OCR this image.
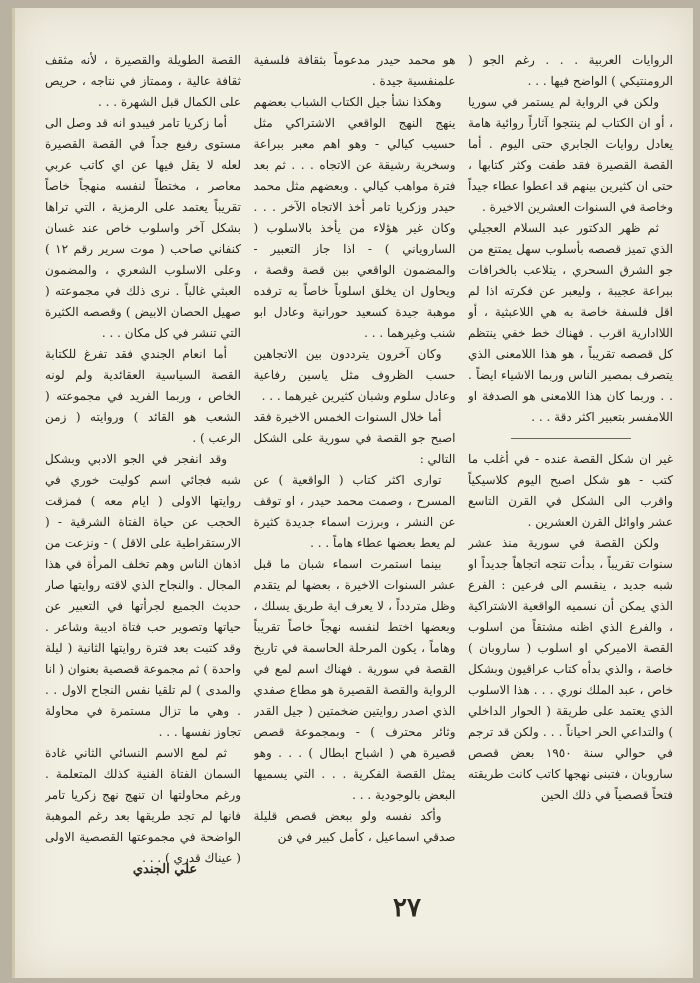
الروايات العربية . . . رغم الجو ( الرومنتيكي ) الواضح فيها . . .

ولكن في الرواية لم يستمر في سوريا ، أو ان الكتاب لم ينتجوا آثاراً روائية هامة يعادل روايات الجابري حتى اليوم . أما القصة القصيرة فقد طفت وكثر كتابها ، حتى ان كثيرين بينهم قد اعطوا عطاء جيداً وخاصة في السنوات العشرين الاخيرة .

ثم ظهر الدكتور عبد السلام العجيلي الذي تميز قصصه بأسلوب سهل يمتنع من جو الشرق السحري ، يتلاعب بالخرافات ببراعة عجيبة ، وليعبر عن فكرته اذا لم اقل فلسفة خاصة به هي اللاعبثية ، أو اللاادارية اقرب . فهناك خط خفي ينتظم كل قصصه تقريباً ، هو هذا اللامعنى الذي يتصرف بمصير الناس وربما الاشياء ايضاً . . . وربما كان هذا اللامعنى هو الصدفة او اللامفسر بتعبير اكثر دقة . . .

غير ان شكل القصة عنده - في أغلب ما كتب - هو شكل اصبح اليوم كلاسيكياً واقرب الى الشكل في القرن التاسع عشر واوائل القرن العشرين .

ولكن القصة في سورية منذ عشر سنوات تقريباً ، بدأت تتجه اتجاهاً جديداً او شبه جديد ، ينقسم الى فرعين : الفرع الذي يمكن أن نسميه الواقعية الاشتراكية ، والفرع الذي اظنه مشتقاً من اسلوب القصة الاميركي او اسلوب ( ساروبان ) خاصة ، والذي بدأه كتاب عراقيون وبشكل خاص ، عبد الملك نوري . . . هذا الاسلوب الذي يعتمد على طريقة ( الحوار الداخلي ) والتداعي الحر احياناً . . . ولكن قد ترجم في حوالي سنة ١٩٥٠ بعض قصص ساروبان ، فتبنى نهجها كاتب كانت طريقته فتحاً قصصياً في ذلك الحين

هو محمد حيدر مدعوماً بثقافة فلسفية علمنفسية جيدة .

وهكذا نشأ جيل الكتاب الشباب بعضهم ينهج النهج الواقعي الاشتراكي مثل حسيب كيالي - وهو اهم معبر ببراعة وسخرية رشيقة عن الاتجاه . . . ثم بعد فترة مواهب كيالي . وبعضهم مثل محمد حيدر وزكريا تامر أخذ الاتجاه الآخر . . . وكان غير هؤلاء من يأخذ بالاسلوب ( الساروياني ) - اذا جاز التعبير - والمضمون الواقعي بين قصة وقصة ، ويحاول ان يخلق اسلوباً خاصاً به ترفده موهبة جيدة كسعيد حورانية وعادل ابو شنب وغيرهما . . .

وكان آخرون يترددون بين الاتجاهين حسب الظروف مثل ياسين رفاعية وعادل سلوم وشبان كثيرين غيرهما . . .

أما خلال السنوات الخمس الاخيرة فقد اصبح جو القصة في سورية على الشكل التالي :

توارى اكثر كتاب ( الواقعية ) عن المسرح ، وصمت محمد حيدر ، او توقف عن النشر ، وبرزت اسماء جديدة كثيرة لم يعط بعضها عطاء هاماً . . .

بينما استمرت اسماء شبان ما قبل عشر السنوات الاخيرة ، بعضها لم يتقدم وظل متردداً ، لا يعرف اية طريق يسلك ، وبعضها اختط لنفسه نهجاً خاصاً تقريباً وهاماً ، يكون المرحلة الحاسمة في تاريخ القصة في سورية . فهناك اسم لمع في الرواية والقصة القصيرة هو مطاع صفدي الذي اصدر روايتين ضخمتين ( جيل القدر وثائر محترف ) - وبمجموعة قصص قصيرة هي ( اشباح ابطال ) . . . وهو يمثل القصة الفكرية . . . التي يسميها البعض بالوجودية . . .

وأكد نفسه ولو ببعض قصص قليلة صدقي اسماعيل ، كأمل كبير في فن

القصة الطويلة والقصيرة ، لأنه مثقف ثقافة عالية ، وممتاز في نتاجه ، حريص على الكمال قبل الشهرة . . .

أما زكريا تامر فيبدو انه قد وصل الى مستوى رفيع جداً في القصة القصيرة لعله لا يقل فيها عن اي كاتب عربي معاصر ، مختطاً لنفسه منهجاً خاصاً تقريباً يعتمد على الرمزية ، التي تراها بشكل آخر واسلوب خاص عند غسان كنفاني صاحب ( موت سرير رقم ١٢ ) وعلى الاسلوب الشعري ، والمضمون العبثي غالباً . نرى ذلك في مجموعته ( صهيل الحصان الابيض ) وقصصه الكثيرة التي تنشر في كل مكان . . .

أما انعام الجندي فقد تفرغ للكتابة القصة السياسية العقائدية ولم لونه الخاص ، وربما الفريد في مجموعته ( الشعب هو القائد ) وروايته ( زمن الرعب ) .

وقد انفجر في الجو الادبي وبشكل شبه فجائي اسم كوليت خوري في روايتها الاولى ( ايام معه ) فمزقت الحجب عن حياة الفتاة الشرقية - ( الارستقراطية على الاقل ) - ونزعت من اذهان الناس وهم تخلف المرأة في هذا المجال . والنجاح الذي لاقته روايتها صار حديث الجميع لجرأتها في التعبير عن حياتها وتصوير حب فتاة اديبة وشاعر . وقد كتبت بعد فترة روايتها الثانية ( ليلة واحدة ) ثم مجموعة قصصية بعنوان ( انا والمدى ) لم تلقيا نفس النجاح الاول . . . وهي ما تزال مستمرة في محاولة تجاوز نفسها . . .

ثم لمع الاسم النسائي الثاني غادة السمان الفتاة الفنية كذلك المتعلمة . ورغم محاولتها ان تنهج نهج زكريا تامر فانها لم تجد طريقها بعد رغم الموهبة الواضحة في مجموعتها القصصية الاولى ( عيناك قدري ) . . .

علي الجندي
٢٧
